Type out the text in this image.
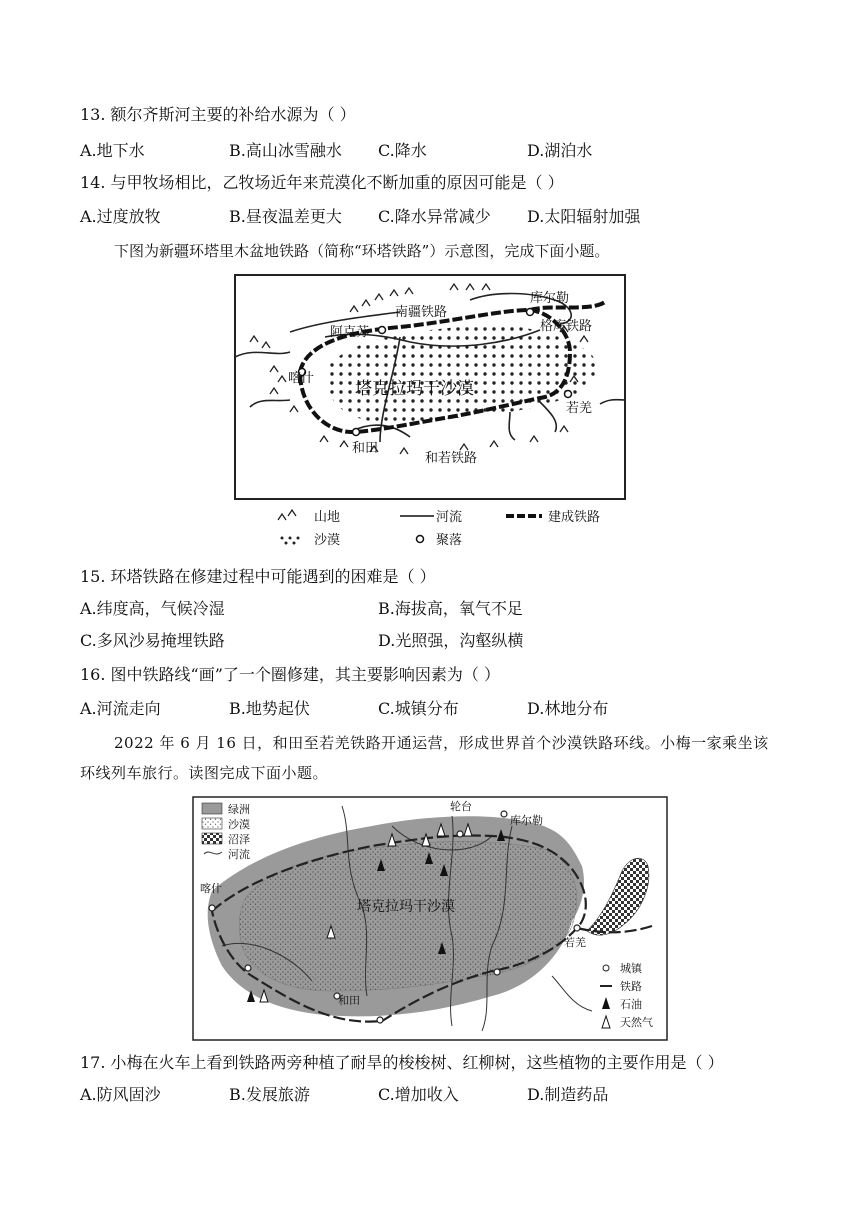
13. 额尔齐斯河主要的补给水源为（ ）
A.地下水	B.高山冰雪融水 C.降水	D.湖泊水
14. 与甲牧场相比，乙牧场近年来荒漠化不断加重的原因可能是（ ）
A.过度放牧	B.昼夜温差更大 C.降水异常减少 D.太阳辐射加强
下图为新疆环塔里木盆地铁路（简称“环塔铁路”）示意图，完成下面小题。
南疆铁路
库尔勒
格库铁路
阿克苏
喀什
塔克拉玛干沙漠
若羌
和田
和若铁路
山地	河流	建成铁路
沙漠	聚落
15. 环塔铁路在修建过程中可能遇到的困难是（ ）
A.纬度高，气候冷湿	B.海拔高，氧气不足
C.多风沙易掩埋铁路	D.光照强，沟壑纵横
16. 图中铁路线“画”了一个圈修建，其主要影响因素为（ ）
A.河流走向	B.地势起伏	C.城镇分布	D.林地分布
2022 年 6 月 16 日，和田至若羌铁路开通运营，形成世界首个沙漠铁路环线。小梅一家乘坐该环线列车旅行。读图完成下面小题。
轮台
库尔勒
喀什
塔克拉玛干沙漠
若羌
和田
绿洲
沙漠
沼泽
河流
城镇
铁路
石油
天然气
17. 小梅在火车上看到铁路两旁种植了耐旱的梭梭树、红柳树，这些植物的主要作用是（ ）
A.防风固沙	B.发展旅游	C.增加收入	D.制造药品
